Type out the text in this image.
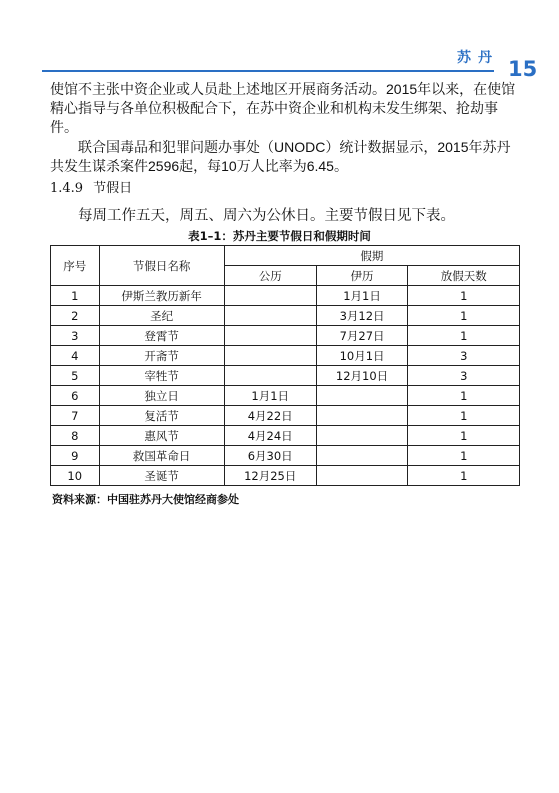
苏丹 15

使馆不主张中资企业或人员赴上述地区开展商务活动。2015年以来，在使馆精心指导与各单位积极配合下，在苏中资企业和机构未发生绑架、抢劫事件。

联合国毒品和犯罪问题办事处（UNODC）统计数据显示，2015年苏丹共发生谋杀案件2596起，每10万人比率为6.45。

1.4.9 节假日
每周工作五天，周五、周六为公休日。主要节假日见下表。
表1–1：苏丹主要节假日和假期时间
序号	节假日名称	假期		
		公历	伊历	放假天数
1	伊斯兰教历新年		1月1日	1
2	圣纪		3月12日	1
3	登霄节		7月27日	1
4	开斋节		10月1日	3
5	宰牲节		12月10日	3
6	独立日	1月1日		1
7	复活节	4月22日		1
8	惠风节	4月24日		1
9	救国革命日	6月30日		1
10	圣诞节	12月25日		1
资料来源：中国驻苏丹大使馆经商参处
